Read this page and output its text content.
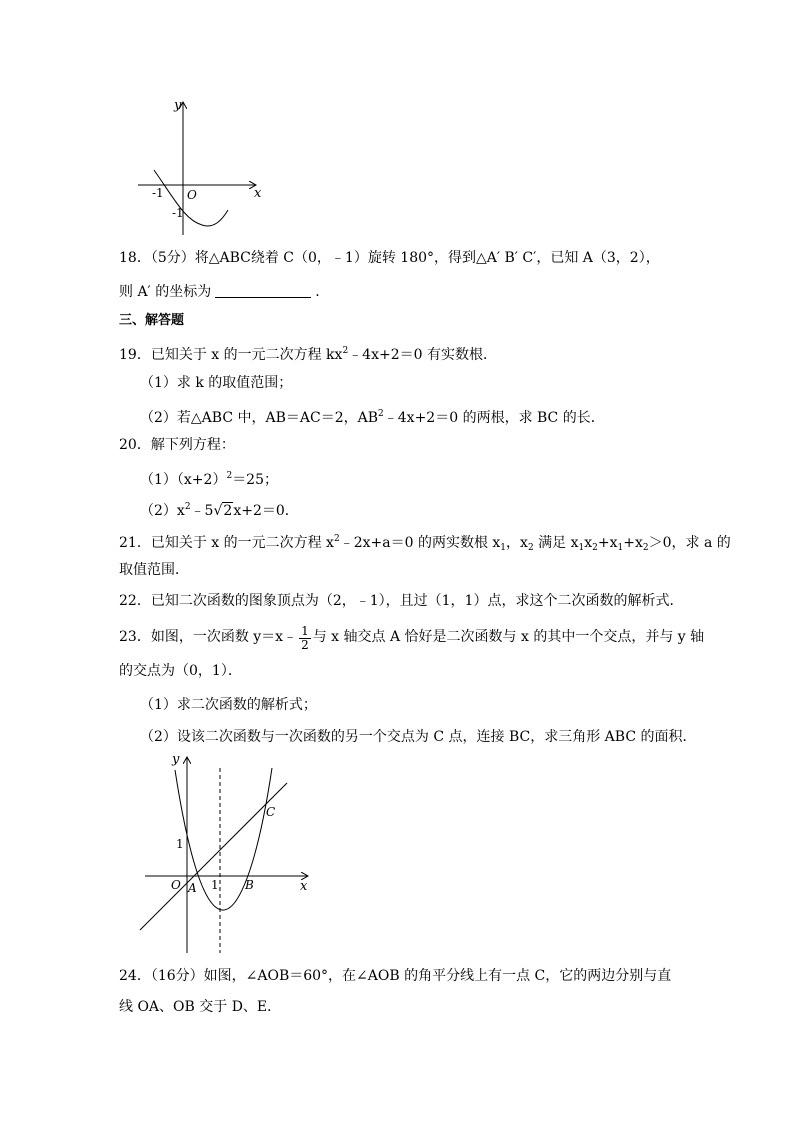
y
x
-1 O
-1
18．（5分）将△ABC绕着 C（0，﹣1）旋转 180°，得到△A′ B′ C′，已知 A（3，2），
则 A′ 的坐标为	.
三、解答题
19．已知关于 x 的一元二次方程 $kx^2﹣4x+2=0$ 有实数根．
（1）求 k 的取值范围；
（2）若△ABC 中，AB＝AC＝2，$AB^2﹣4x+2=0$ 的两根，求 BC 的长．
20．解下列方程：
$(1)(x+2)^2=25$；
$(2)x^2﹣5√2x+2=0$．
21．已知关于 x 的一元二次方程 $x^2﹣2x+a=0$ 的两实数根 $x_1$，$x_2$ 满足 $x_1x_2+x_1+x_2>0$，求 a 的
取值范围．
22．已知二次函数的图象顶点为（2，﹣1），且过（1，1）点，求这个二次函数的解析式．
23．如图，一次函数 y＝x﹣ $\frac{1}{2}$ 与 x 轴交点 A 恰好是二次函数与 x 的其中一个交点，并与 y 轴
的交点为（0，1）．
（1）求二次函数的解析式；
（2）设该二次函数与一次函数的另一个交点为 C 点，连接 BC，求三角形 ABC 的面积．
y
x
1
O A 1 B
C
24．（16分）如图，∠AOB＝60°，在∠AOB 的角平分线上有一点 C，它的两边分别与直
线 OA、OB 交于 D、E．
